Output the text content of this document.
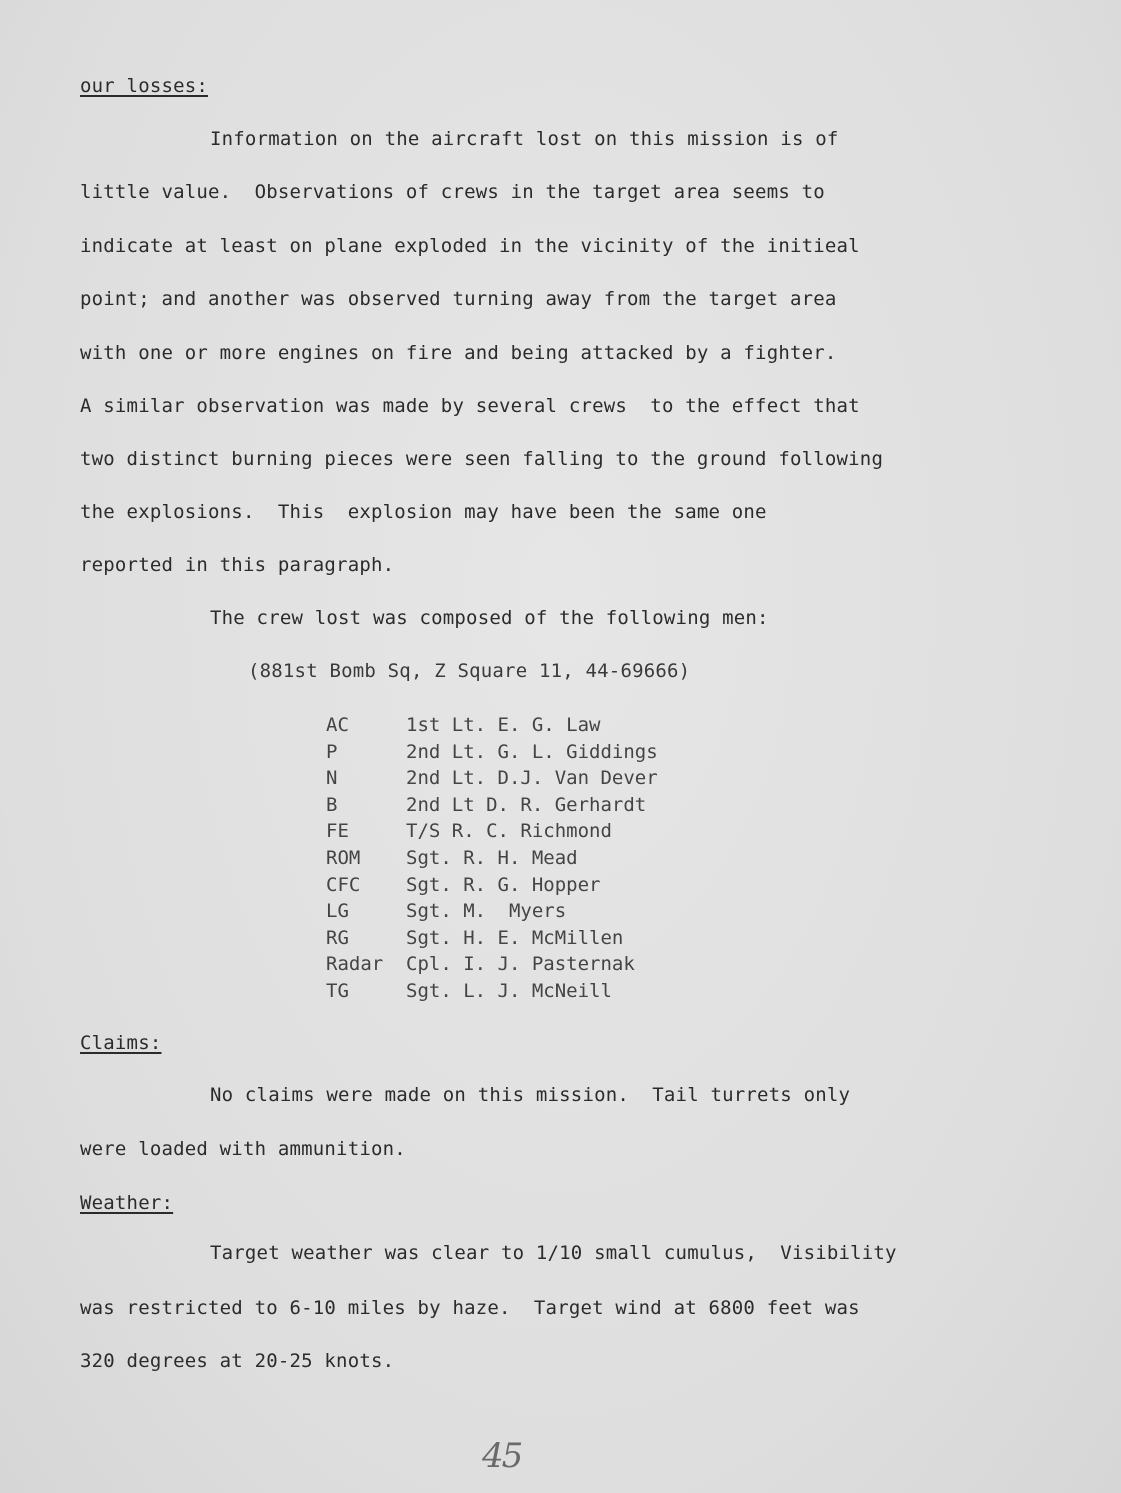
our losses:
Information on the aircraft lost on this mission is of
little value.  Observations of crews in the target area seems to
indicate at least on plane exploded in the vicinity of the initieal
point; and another was observed turning away from the target area
with one or more engines on fire and being attacked by a fighter.
A similar observation was made by several crews  to the effect that
two distinct burning pieces were seen falling to the ground following
the explosions.  This  explosion may have been the same one
reported in this paragraph.
The crew lost was composed of the following men:
(881st Bomb Sq, Z Square 11, 44-69666)
AC	1st Lt. E. G. Law
P	2nd Lt. G. L. Giddings
N	2nd Lt. D.J. Van Dever
B	2nd Lt D. R. Gerhardt
FE	T/S R. C. Richmond
ROM	Sgt. R. H. Mead
CFC	Sgt. R. G. Hopper
LG	Sgt. M.  Myers
RG	Sgt. H. E. McMillen
Radar	Cpl. I. J. Pasternak
TG	Sgt. L. J. McNeill
Claims:
No claims were made on this mission.  Tail turrets only
were loaded with ammunition.
Weather:
Target weather was clear to 1/10 small cumulus,  Visibility
was restricted to 6-10 miles by haze.  Target wind at 6800 feet was
320 degrees at 20-25 knots.
45
